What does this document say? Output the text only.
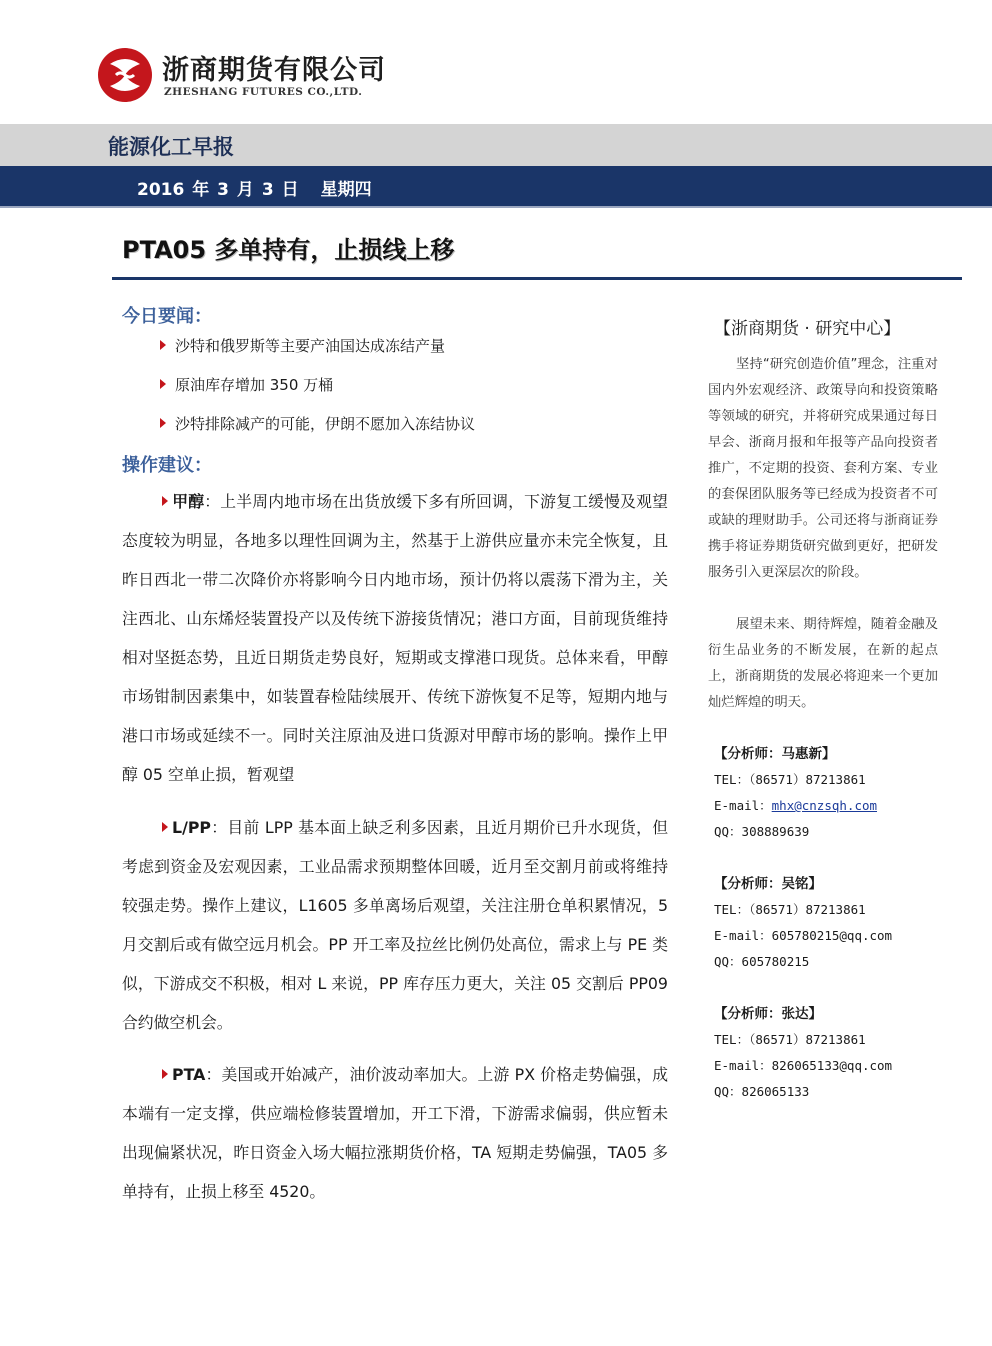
浙商期货有限公司
ZHESHANG FUTURES CO.,LTD.
能源化工早报
2016 年 3 月 3 日 星期四
PTA05 多单持有，止损线上移
今日要闻：
沙特和俄罗斯等主要产油国达成冻结产量
原油库存增加 350 万桶
沙特排除减产的可能，伊朗不愿加入冻结协议
操作建议：
甲醇：上半周内地市场在出货放缓下多有所回调，下游复工缓慢及观望态度较为明显，各地多以理性回调为主，然基于上游供应量亦未完全恢复，且昨日西北一带二次降价亦将影响今日内地市场，预计仍将以震荡下滑为主，关注西北、山东烯烃装置投产以及传统下游接货情况；港口方面，目前现货维持相对坚挺态势，且近日期货走势良好，短期或支撑港口现货。总体来看，甲醇市场钳制因素集中，如装置春检陆续展开、传统下游恢复不足等，短期内地与港口市场或延续不一。同时关注原油及进口货源对甲醇市场的影响。操作上甲醇 05 空单止损，暂观望
L/PP：目前 LPP 基本面上缺乏利多因素，且近月期价已升水现货，但考虑到资金及宏观因素，工业品需求预期整体回暖，近月至交割月前或将维持较强走势。操作上建议，L1605 多单离场后观望，关注注册仓单积累情况，5 月交割后或有做空远月机会。PP 开工率及拉丝比例仍处高位，需求上与 PE 类似，下游成交不积极，相对 L 来说，PP 库存压力更大，关注 05 交割后 PP09 合约做空机会。
PTA：美国或开始减产，油价波动率加大。上游 PX 价格走势偏强，成本端有一定支撑，供应端检修装置增加，开工下滑，下游需求偏弱，供应暂未出现偏紧状况，昨日资金入场大幅拉涨期货价格，TA 短期走势偏强，TA05 多单持有，止损上移至 4520。
【浙商期货 · 研究中心】
坚持“研究创造价值”理念，注重对国内外宏观经济、政策导向和投资策略等领域的研究，并将研究成果通过每日早会、浙商月报和年报等产品向投资者推广，不定期的投资、套利方案、专业的套保团队服务等已经成为投资者不可或缺的理财助手。公司还将与浙商证券携手将证券期货研究做到更好，把研发服务引入更深层次的阶段。
展望未来、期待辉煌，随着金融及衍生品业务的不断发展，在新的起点上，浙商期货的发展必将迎来一个更加灿烂辉煌的明天。
【分析师：马惠新】
TEL：（86571）87213861
E-mail：mhx@cnzsqh.com
QQ：308889639
【分析师：吴铭】
TEL：（86571）87213861
E-mail：605780215@qq.com
QQ：605780215
【分析师：张达】
TEL：（86571）87213861
E-mail：826065133@qq.com
QQ：826065133
